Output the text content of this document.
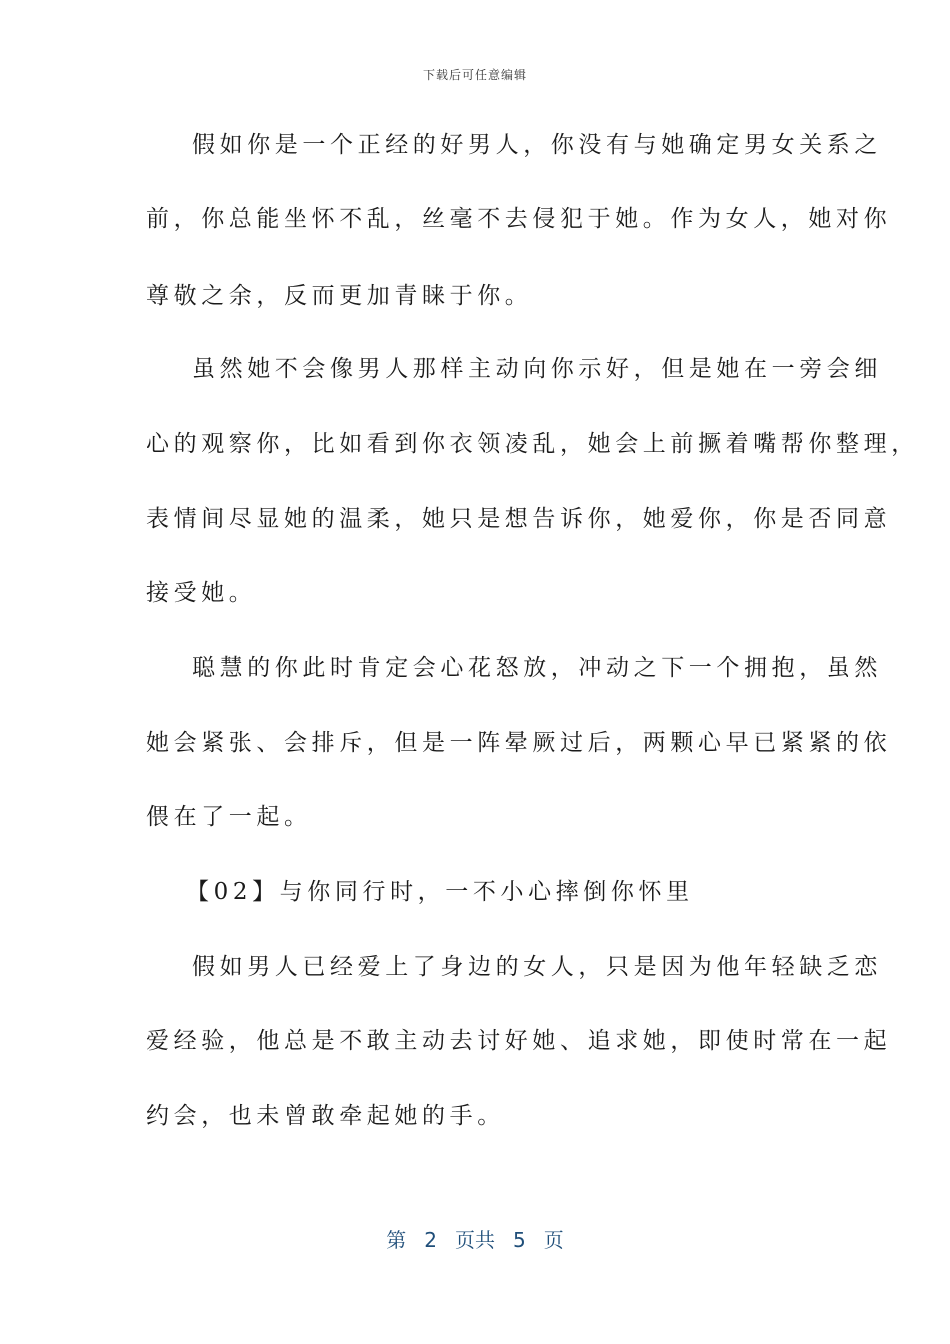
下载后可任意编辑
假如你是一个正经的好男人，你没有与她确定男女关系之
前，你总能坐怀不乱，丝毫不去侵犯于她。作为女人，她对你
尊敬之余，反而更加青睐于你。
虽然她不会像男人那样主动向你示好，但是她在一旁会细
心的观察你，比如看到你衣领凌乱，她会上前撅着嘴帮你整理，
表情间尽显她的温柔，她只是想告诉你，她爱你，你是否同意
接受她。
聪慧的你此时肯定会心花怒放，冲动之下一个拥抱，虽然
她会紧张、会排斥，但是一阵晕厥过后，两颗心早已紧紧的依
偎在了一起。
【02】与你同行时，一不小心摔倒你怀里
假如男人已经爱上了身边的女人，只是因为他年轻缺乏恋
爱经验，他总是不敢主动去讨好她、追求她，即使时常在一起
约会，也未曾敢牵起她的手。
第 2 页共 5 页
